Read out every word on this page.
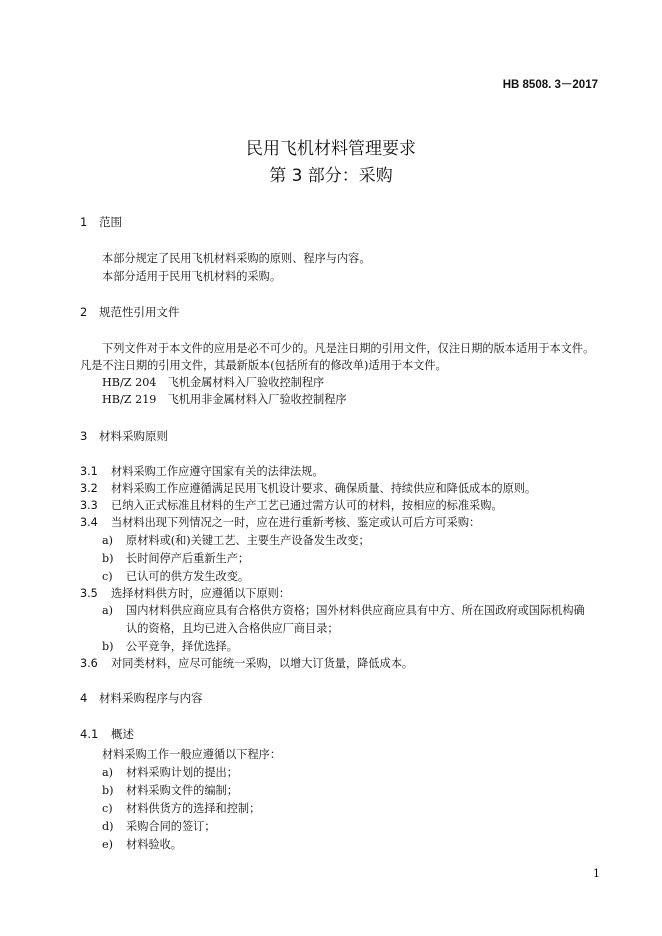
HB 8508. 3－2017
民用飞机材料管理要求
第 3 部分：采购
1 范围
本部分规定了民用飞机材料采购的原则、程序与内容。
本部分适用于民用飞机材料的采购。
2 规范性引用文件
下列文件对于本文件的应用是必不可少的。凡是注日期的引用文件，仅注日期的版本适用于本文件。
凡是不注日期的引用文件，其最新版本(包括所有的修改单)适用于本文件。
HB/Z 204　飞机金属材料入厂验收控制程序
HB/Z 219　飞机用非金属材料入厂验收控制程序
3 材料采购原则
3.1 材料采购工作应遵守国家有关的法律法规。
3.2 材料采购工作应遵循满足民用飞机设计要求、确保质量、持续供应和降低成本的原则。
3.3 已纳入正式标准且材料的生产工艺已通过需方认可的材料，按相应的标准采购。
3.4 当材料出现下列情况之一时，应在进行重新考核、鉴定或认可后方可采购：
a) 原材料或(和)关键工艺、主要生产设备发生改变；
b) 长时间停产后重新生产；
c) 已认可的供方发生改变。
3.5 选择材料供方时，应遵循以下原则：
a) 国内材料供应商应具有合格供方资格；国外材料供应商应具有中方、所在国政府或国际机构确
认的资格，且均已进入合格供应厂商目录；
b) 公平竞争，择优选择。
3.6 对同类材料，应尽可能统一采购，以增大订货量，降低成本。
4 材料采购程序与内容
4.1 概述
材料采购工作一般应遵循以下程序：
a) 材料采购计划的提出；
b) 材料采购文件的编制；
c) 材料供货方的选择和控制；
d) 采购合同的签订；
e) 材料验收。
1
